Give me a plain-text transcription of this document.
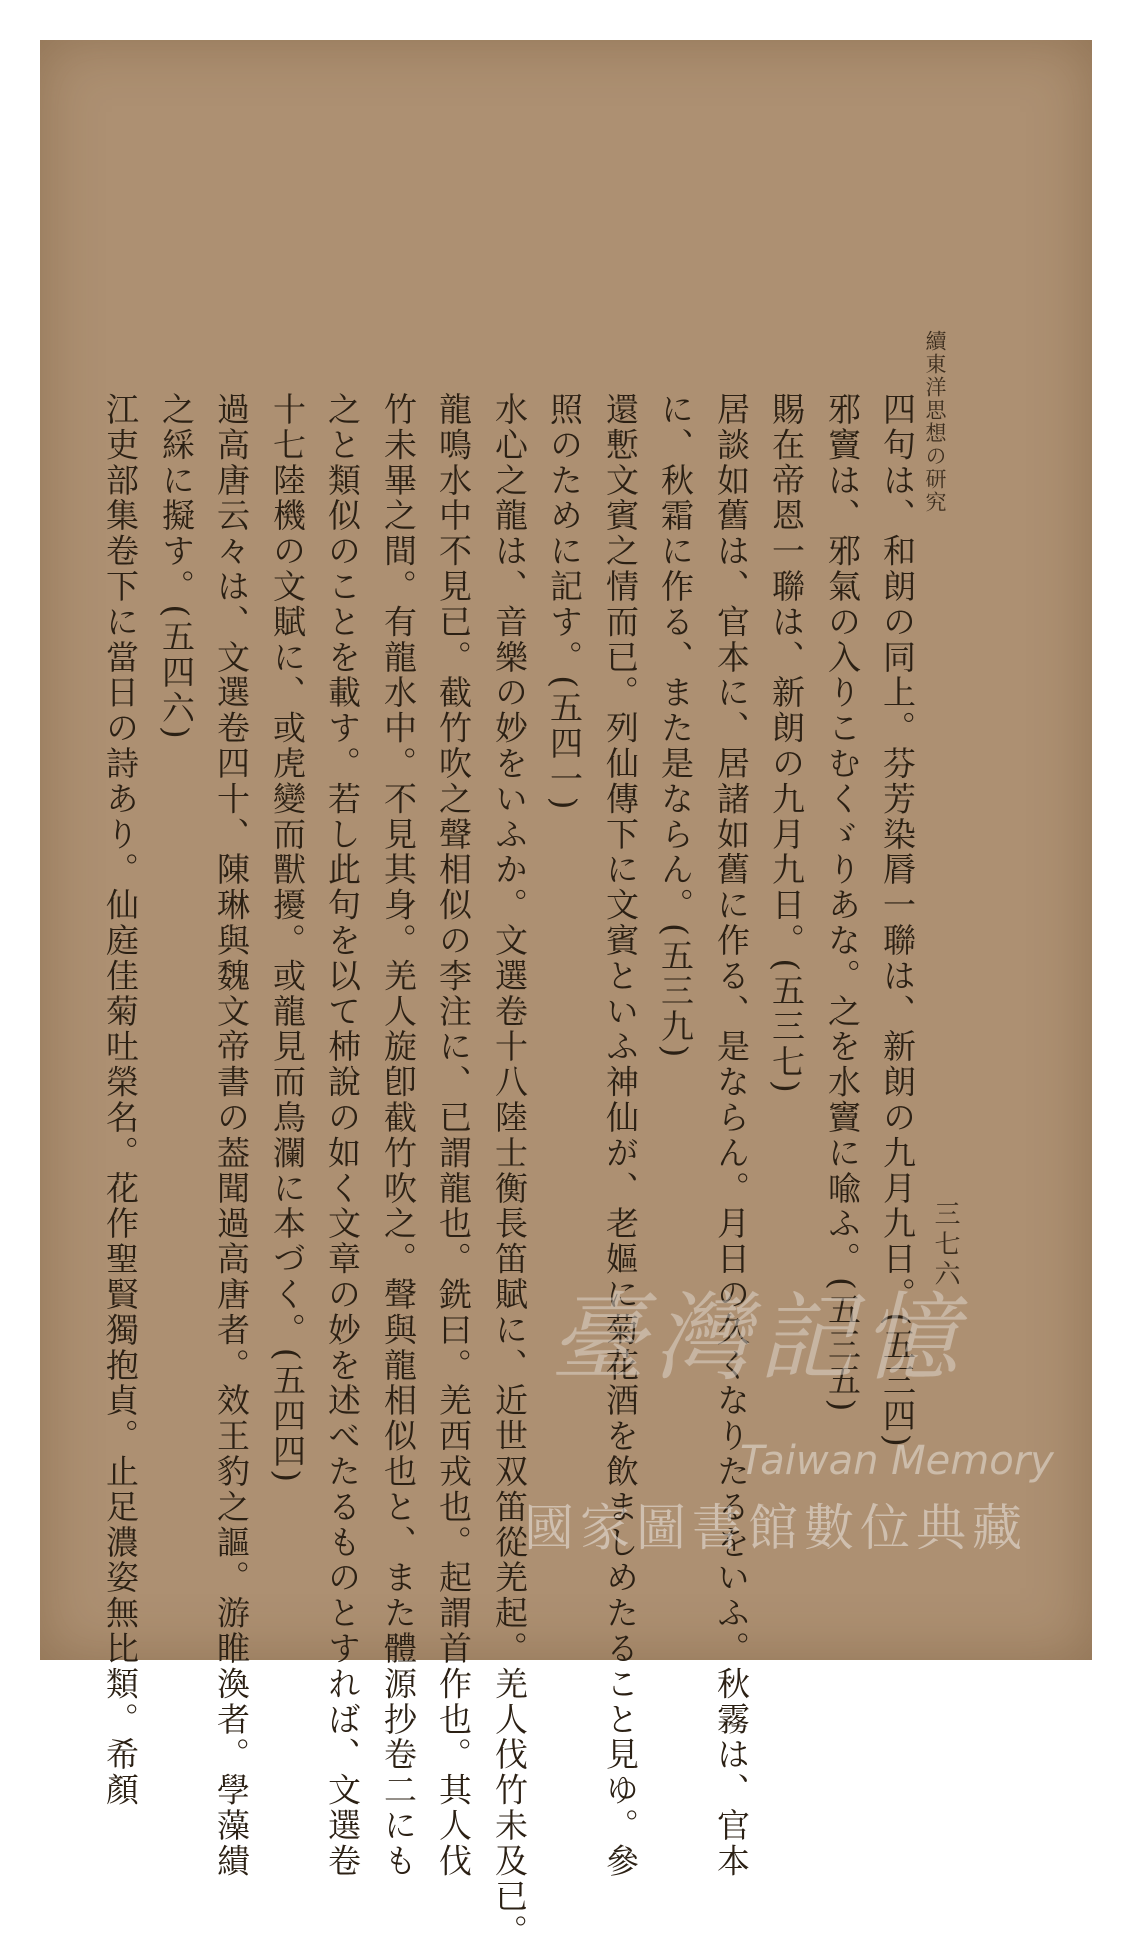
續東洋思想の研究
三七六
四句は、和朗の同上。芬芳染脣一聯は、新朗の九月九日。(五三四)
邪竇は、邪氣の入りこむくゞりあな。之を水竇に喩ふ。(五三五)
賜在帝恩一聯は、新朗の九月九日。(五三七)
居談如舊は、官本に、居諸如舊に作る、是ならん。月日の久くなりたるをいふ。秋霧は、官本
に、秋霜に作る、また是ならん。(五三九)
還慙文賓之情而已。列仙傳下に文賓といふ神仙が、老嫗に菊花酒を飲ましめたること見ゆ。參
照のために記す。(五四一)
水心之龍は、音樂の妙をいふか。文選卷十八陸士衡長笛賦に、近世双笛從羌起。羌人伐竹未及已。
龍鳴水中不見已。截竹吹之聲相似の李注に、已謂龍也。銑曰。羌西戎也。起謂首作也。其人伐
竹未畢之間。有龍水中。不見其身。羌人旋卽截竹吹之。聲與龍相似也と、また體源抄卷二にも
之と類似のことを載す。若し此句を以て杮說の如く文章の妙を述べたるものとすれば、文選卷
十七陸機の文賦に、或虎變而獸擾。或龍見而鳥瀾に本づく。(五四四)
過高唐云々は、文選卷四十、陳琳與魏文帝書の葢聞過高唐者。效王豹之謳。游睢渙者。學藻繢
之綵に擬す。(五四六)
江吏部集卷下に當日の詩あり。仙庭佳菊吐榮名。花作聖賢獨抱貞。止足濃姿無比類。希顏	臺灣記憶
Taiwan Memory
國家圖書館數位典藏
